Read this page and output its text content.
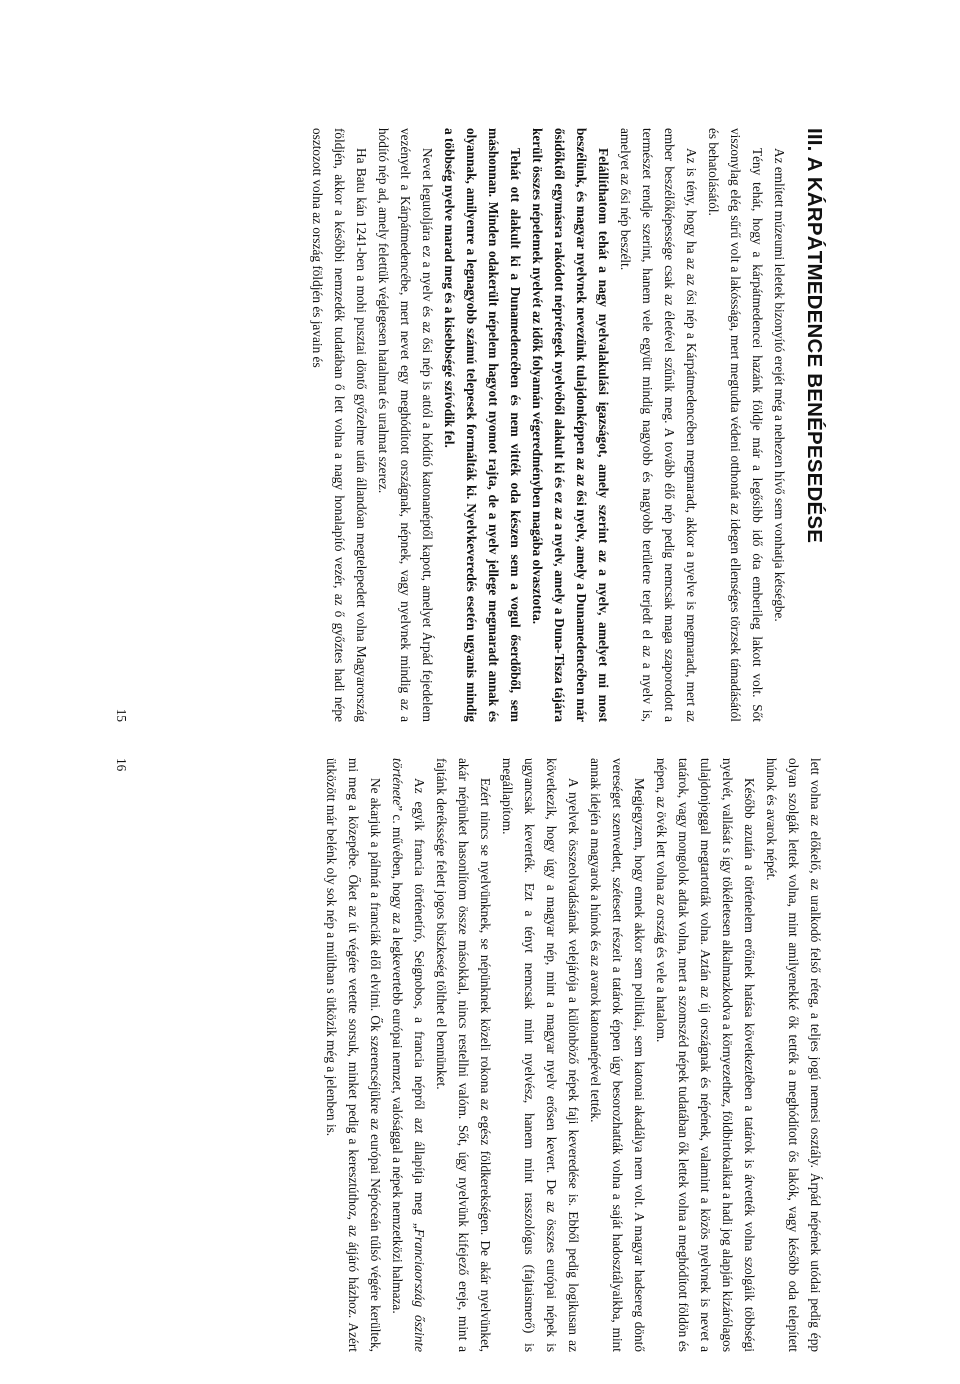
III. A KÁRPÁTMEDENCE BENÉPESEDÉSE

Az említett múzeumi leletek bizonyító erejét még a nehezen hívő sem vonhatja kétségbe.

Tény tehát, hogy a kárpátmedencei hazánk földje már a legősibb idő óta emberileg lakott volt. Sőt viszonylag elég sűrű volt a lakóssága, mert megtudta védeni otthonát az idegen ellenséges törzsek támadásától és behatolásától.

Az is tény, hogy ha az az ősi nép a Kárpátmedencében megmaradt, akkor a nyelve is megmaradt, mert az ember beszélőképessége csak az életével szűnik meg. A tovább élő nép pedig nemcsak maga szaporodott a természet rendje szerint, hanem vele együtt mindig nagyobb és nagyobb területre terjedt el az a nyelv is, amelyet az ősi nép beszélt.

Felállíthatom tehát a nagy nyelvalakulási igazságot, amely szerint az a nyelv, amelyet mi most beszélünk, és magyar nyelvnek nevezünk tulajdonképpen az az ősi nyelv, amely a Dunamedencében már ősidőktől egymásra rakódott néprétegek nyelvéből alakult ki és ez az a nyelv, amely a Duna-Tisza tájára került összes népelemek nyelvét az idők folyamán végeredményben magába olvasztotta.

Tehát ott alakult ki a Dunamedencében és nem vitték oda készen sem a vogul őserdőből, sem máshonnan. Minden odakerült népelem hagyott nyomot rajta, de a nyelv jellege megmaradt annak és olyannak, amilyenre a legnagyobb számú telepesek formálták ki. Nyelvkeveredés esetén ugyanis mindig a többség nyelve marad meg és a kisebbségé szívódik fel.

Nevet legutoljára ez a nyelv és az ősi nép is attól a hódító katonanéptől kapott, amelyet Árpád fejedelem vezényelt a Kárpátmedencébe, mert nevet egy meghódított országnak, népnek, vagy nyelvnek mindig az a hódító nép ad, amely felettük véglegesen hatalmat és uralmat szerez.

Ha Batu kán 1241-ben a mohi pusztai döntő győzelme után állandóan megtelepedett volna Magyarország földjén, akkor a későbbi nemzedék tudatában ő lett volna a nagy honalapító vezér, az ő győztes hadi népe osztozott volna az ország földjén és javain és

15

lett volna az előkelő, az uralkodó felső réteg, a teljes jogú nemesi osztály. Árpád népének utódai pedig épp olyan szolgák lettek volna, mint amilyenekké ők tették a meghódított ős lakók, vagy később oda telepített húnok és avarok népét.

Később azután a történelem erőinek hatása következtében a tatárok is átvették volna szolgáik többségi nyelvét, vallását s így tökéletesen alkalmazkodva a környezethez, földbirtokaikat a hadi jog alapján kizárólagos tulajdonjoggal megtartották volna. Aztán az új országnak és népének, valamint a közös nyelvnek is nevet a tatárok, vagy mongolok adtak volna, mert a szomszéd népek tudatában ők lettek volna a meghódított földön és népen, az övék lett volna az ország és vele a hatalom.

Megjegyzem, hogy ennek akkor sem politikai, sem katonai akadálya nem volt. A magyar hadsereg döntő vereséget szenvedett, szétesett részeit a tatárok éppen úgy besorozhatták volna a saját hadosztályaikba, mint annak idején a magyarok a húnok és az avarok katonanépével tették.

A nyelvek összeolvadásának velejárója a különböző népek faji keveredése is. Ebből pedig logikusan az következik, hogy úgy a magyar nép, mint a magyar nyelv erősen kevert. De az összes európai népek is ugyancsak keverték. Ezt a tényt nemcsak mint nyelvész, hanem mint rasszológus (fajtaismerő) is megállapítom.

Ezért nincs se nyelvünknek, se népünknek közeli rokona az egész földkerekségen. De akár nyelvünket, akár népünket hasonlítom össze másokkal, nincs restellni valóm. Sőt, úgy nyelvünk kifejező ereje, mint a fajtánk derékssége felett jogos büszkeség tölthet el bennünket.

Az egyik francia történetíró, Seignobos, a francia népről azt állapítja meg „Franciaország őszinte története” c. művében, hogy az a legkevertebb európai nemzet, valósággal a népek nemzetközi halmaza.

Ne akarjuk a pálmát a franciák elől elvitni. Ők szerencséjükre az európai Népóceán túlsó végére kerültek, mi meg a közepébe. Őket az út végére vetette sorsuk, minket pedig a keresztúthoz, az átjáró házhoz. Azért ütközött már belénk oly sok nép a múltban s ütközik még a jelenben is.

16
